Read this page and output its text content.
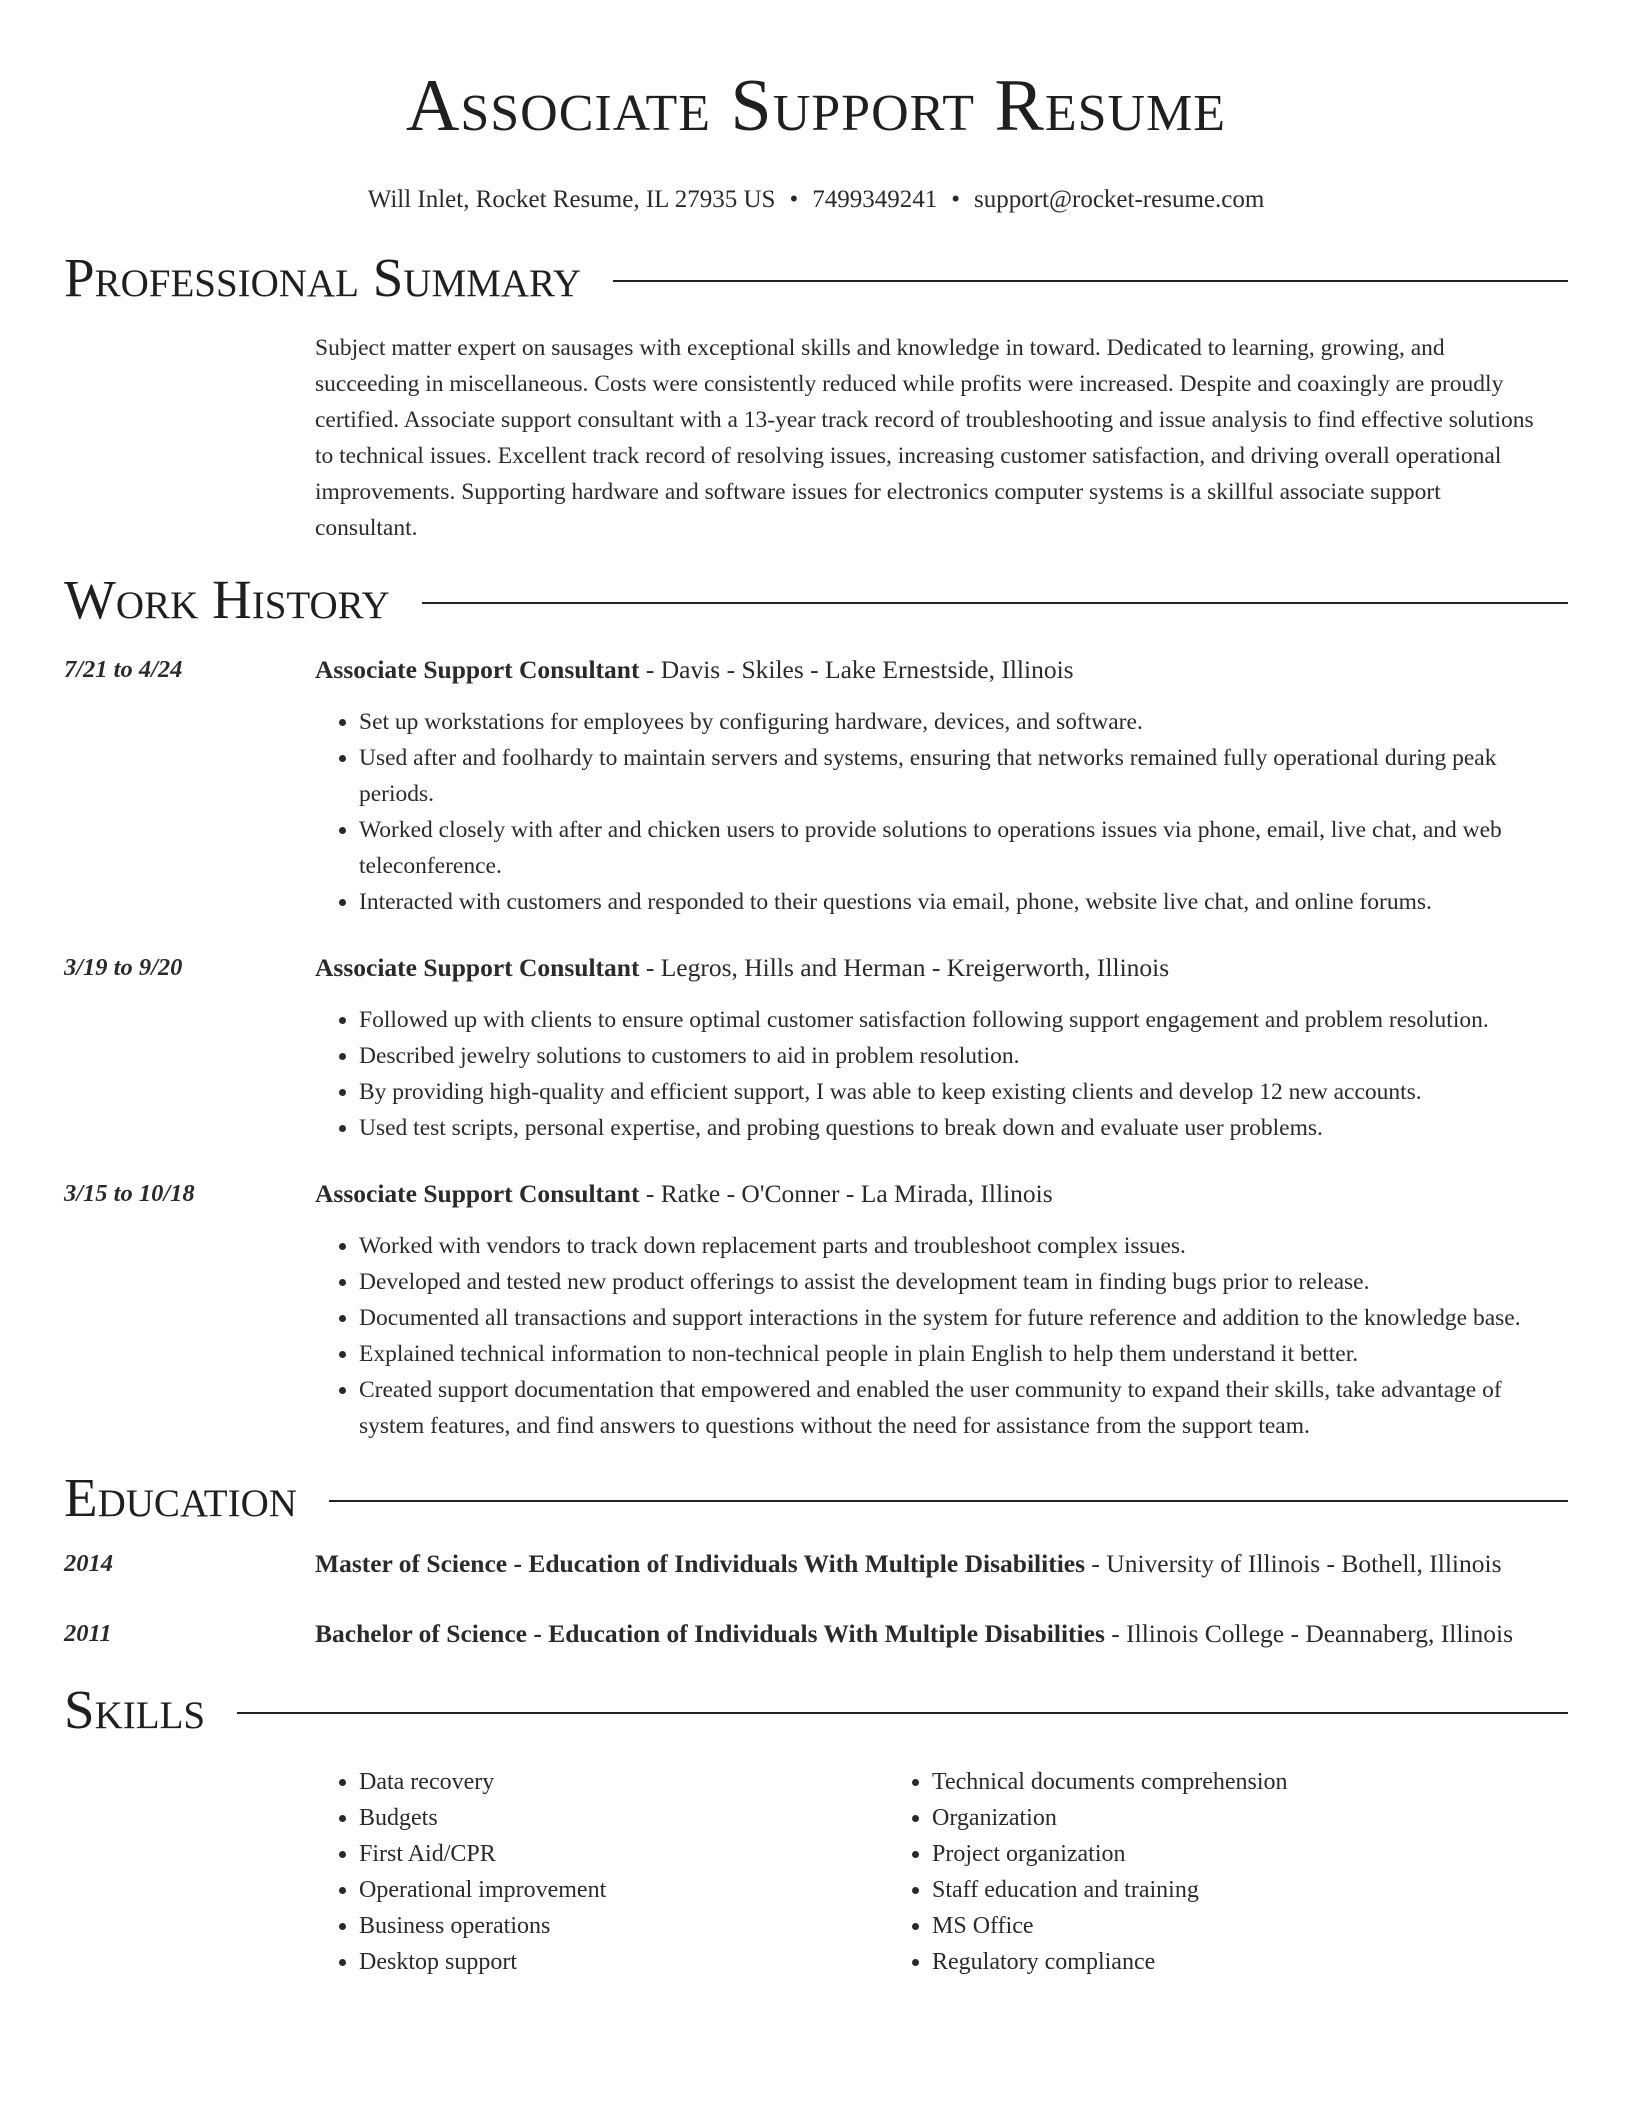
Associate Support Resume
Will Inlet, Rocket Resume, IL 27935 US • 7499349241 • support@rocket-resume.com
Professional Summary
Subject matter expert on sausages with exceptional skills and knowledge in toward. Dedicated to learning, growing, and succeeding in miscellaneous. Costs were consistently reduced while profits were increased. Despite and coaxingly are proudly certified. Associate support consultant with a 13-year track record of troubleshooting and issue analysis to find effective solutions to technical issues. Excellent track record of resolving issues, increasing customer satisfaction, and driving overall operational improvements. Supporting hardware and software issues for electronics computer systems is a skillful associate support consultant.
Work History
7/21 to 4/24	Associate Support Consultant - Davis - Skiles - Lake Ernestside, Illinois
• Set up workstations for employees by configuring hardware, devices, and software.
• Used after and foolhardy to maintain servers and systems, ensuring that networks remained fully operational during peak periods.
• Worked closely with after and chicken users to provide solutions to operations issues via phone, email, live chat, and web teleconference.
• Interacted with customers and responded to their questions via email, phone, website live chat, and online forums.
3/19 to 9/20	Associate Support Consultant - Legros, Hills and Herman - Kreigerworth, Illinois
• Followed up with clients to ensure optimal customer satisfaction following support engagement and problem resolution.
• Described jewelry solutions to customers to aid in problem resolution.
• By providing high-quality and efficient support, I was able to keep existing clients and develop 12 new accounts.
• Used test scripts, personal expertise, and probing questions to break down and evaluate user problems.
3/15 to 10/18	Associate Support Consultant - Ratke - O'Conner - La Mirada, Illinois
• Worked with vendors to track down replacement parts and troubleshoot complex issues.
• Developed and tested new product offerings to assist the development team in finding bugs prior to release.
• Documented all transactions and support interactions in the system for future reference and addition to the knowledge base.
• Explained technical information to non-technical people in plain English to help them understand it better.
• Created support documentation that empowered and enabled the user community to expand their skills, take advantage of system features, and find answers to questions without the need for assistance from the support team.
Education
2014	Master of Science - Education of Individuals With Multiple Disabilities - University of Illinois - Bothell, Illinois
2011	Bachelor of Science - Education of Individuals With Multiple Disabilities - Illinois College - Deannaberg, Illinois
Skills
• Data recovery
• Budgets
• First Aid/CPR
• Operational improvement
• Business operations
• Desktop support
• Technical documents comprehension
• Organization
• Project organization
• Staff education and training
• MS Office
• Regulatory compliance
